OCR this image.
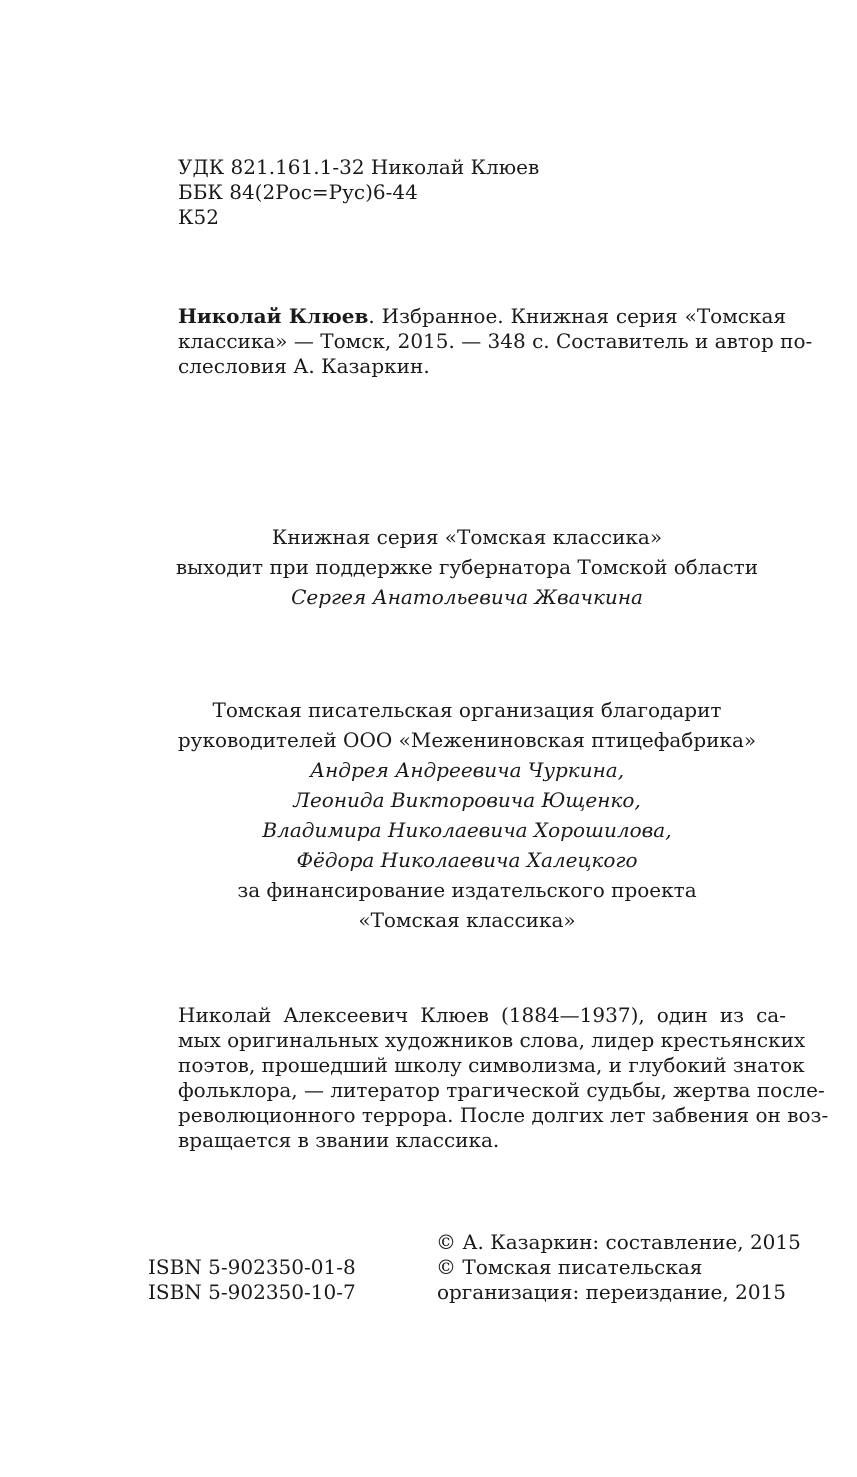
УДК 821.161.1-32 Николай Клюев
ББК 84(2Рос=Рус)6-44
К52
Николай Клюев. Избранное. Книжная серия «Томская
классика» — Томск, 2015. — 348 с. Составитель и автор по-
слесловия А. Казаркин.
Книжная серия «Томская классика»
выходит при поддержке губернатора Томской области
Сергея Анатольевича Жвачкина
Томская писательская организация благодарит
руководителей ООО «Межениновская птицефабрика»
Андрея Андреевича Чуркина,
Леонида Викторовича Ющенко,
Владимира Николаевича Хорошилова,
Фёдора Николаевича Халецкого
за финансирование издательского проекта
«Томская классика»
Николай Алексеевич Клюев (1884—1937), один из са-
мых оригинальных художников слова, лидер крестьянских
поэтов, прошедший школу символизма, и глубокий знаток
фольклора, — литератор трагической судьбы, жертва после-
революционного террора. После долгих лет забвения он воз-
вращается в звании классика.
ISBN 5-902350-01-8
ISBN 5-902350-10-7
© А. Казаркин: составление, 2015
© Томская писательская
организация: переиздание, 2015
